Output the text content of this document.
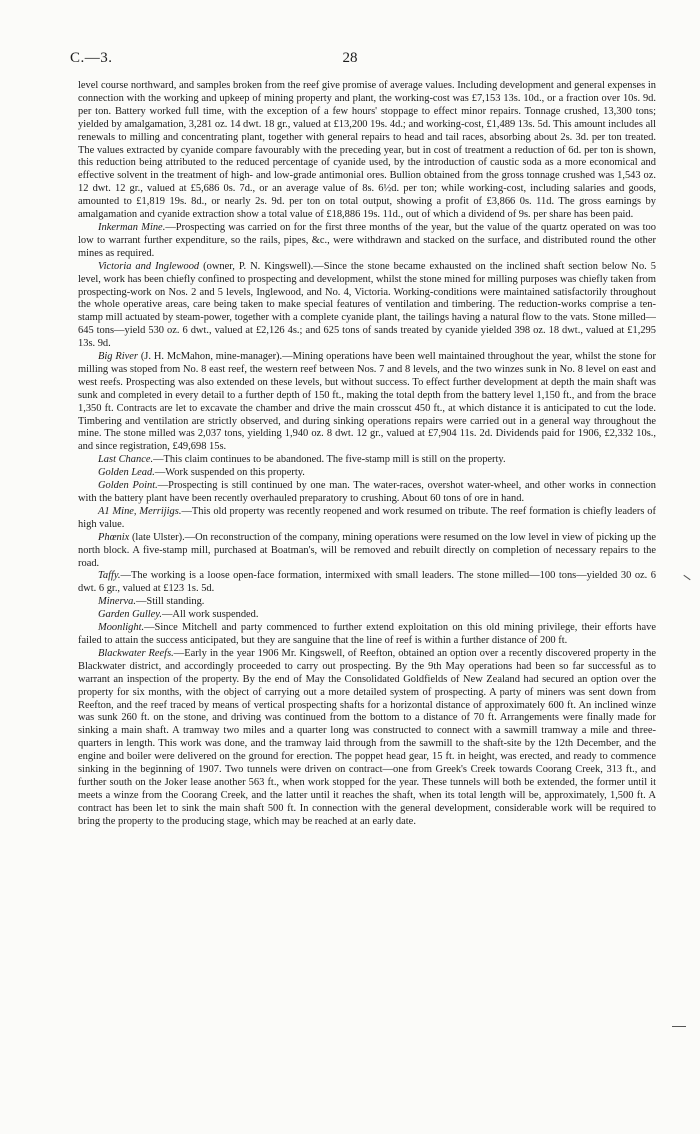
C.—3.	28

level course northward, and samples broken from the reef give promise of average values. Including development and general expenses in connection with the working and upkeep of mining property and plant, the working-cost was £7,153 13s. 10d., or a fraction over 10s. 9d. per ton. Battery worked full time, with the exception of a few hours' stoppage to effect minor repairs. Tonnage crushed, 13,300 tons; yielded by amalgamation, 3,281 oz. 14 dwt. 18 gr., valued at £13,200 19s. 4d.; and working-cost, £1,489 13s. 5d. This amount includes all renewals to milling and concentrating plant, together with general repairs to head and tail races, absorbing about 2s. 3d. per ton treated. The values extracted by cyanide compare favourably with the preceding year, but in cost of treatment a reduction of 6d. per ton is shown, this reduction being attributed to the reduced percentage of cyanide used, by the introduction of caustic soda as a more economical and effective solvent in the treatment of high- and low-grade antimonial ores. Bullion obtained from the gross tonnage crushed was 1,543 oz. 12 dwt. 12 gr., valued at £5,686 0s. 7d., or an average value of 8s. 6½d. per ton; while working-cost, including salaries and goods, amounted to £1,819 19s. 8d., or nearly 2s. 9d. per ton on total output, showing a profit of £3,866 0s. 11d. The gross earnings by amalgamation and cyanide extraction show a total value of £18,886 19s. 11d., out of which a dividend of 9s. per share has been paid.

Inkerman Mine.—Prospecting was carried on for the first three months of the year, but the value of the quartz operated on was too low to warrant further expenditure, so the rails, pipes, &c., were withdrawn and stacked on the surface, and distributed round the other mines as required.

Victoria and Inglewood (owner, P. N. Kingswell).—Since the stone became exhausted on the inclined shaft section below No. 5 level, work has been chiefly confined to prospecting and development, whilst the stone mined for milling purposes was chiefly taken from prospecting-work on Nos. 2 and 5 levels, Inglewood, and No. 4, Victoria. Working-conditions were maintained satisfactorily throughout the whole operative areas, care being taken to make special features of ventilation and timbering. The reduction-works comprise a ten-stamp mill actuated by steam-power, together with a complete cyanide plant, the tailings having a natural flow to the vats. Stone milled—645 tons—yield 530 oz. 6 dwt., valued at £2,126 4s.; and 625 tons of sands treated by cyanide yielded 398 oz. 18 dwt., valued at £1,295 13s. 9d.

Big River (J. H. McMahon, mine-manager).—Mining operations have been well maintained throughout the year, whilst the stone for milling was stoped from No. 8 east reef, the western reef between Nos. 7 and 8 levels, and the two winzes sunk in No. 8 level on east and west reefs. Prospecting was also extended on these levels, but without success. To effect further development at depth the main shaft was sunk and completed in every detail to a further depth of 150 ft., making the total depth from the battery level 1,150 ft., and from the brace 1,350 ft. Contracts are let to excavate the chamber and drive the main crosscut 450 ft., at which distance it is anticipated to cut the lode. Timbering and ventilation are strictly observed, and during sinking operations repairs were carried out in a general way throughout the mine. The stone milled was 2,037 tons, yielding 1,940 oz. 8 dwt. 12 gr., valued at £7,904 11s. 2d. Dividends paid for 1906, £2,332 10s., and since registration, £49,698 15s.

Last Chance.—This claim continues to be abandoned. The five-stamp mill is still on the property.

Golden Lead.—Work suspended on this property.

Golden Point.—Prospecting is still continued by one man. The water-races, overshot water-wheel, and other works in connection with the battery plant have been recently overhauled preparatory to crushing. About 60 tons of ore in hand.

A1 Mine, Merrijigs.—This old property was recently reopened and work resumed on tribute. The reef formation is chiefly leaders of high value.

Phœnix (late Ulster).—On reconstruction of the company, mining operations were resumed on the low level in view of picking up the north block. A five-stamp mill, purchased at Boatman's, will be removed and rebuilt directly on completion of necessary repairs to the road.

Taffy.—The working is a loose open-face formation, intermixed with small leaders. The stone milled—100 tons—yielded 30 oz. 6 dwt. 6 gr., valued at £123 1s. 5d.

Minerva.—Still standing.

Garden Gulley.—All work suspended.

Moonlight.—Since Mitchell and party commenced to further extend exploitation on this old mining privilege, their efforts have failed to attain the success anticipated, but they are sanguine that the line of reef is within a further distance of 200 ft.

Blackwater Reefs.—Early in the year 1906 Mr. Kingswell, of Reefton, obtained an option over a recently discovered property in the Blackwater district, and accordingly proceeded to carry out prospecting. By the 9th May operations had been so far successful as to warrant an inspection of the property. By the end of May the Consolidated Goldfields of New Zealand had secured an option over the property for six months, with the object of carrying out a more detailed system of prospecting. A party of miners was sent down from Reefton, and the reef traced by means of vertical prospecting shafts for a horizontal distance of approximately 600 ft. An inclined winze was sunk 260 ft. on the stone, and driving was continued from the bottom to a distance of 70 ft. Arrangements were finally made for sinking a main shaft. A tramway two miles and a quarter long was constructed to connect with a sawmill tramway a mile and three-quarters in length. This work was done, and the tramway laid through from the sawmill to the shaft-site by the 12th December, and the engine and boiler were delivered on the ground for erection. The poppet head gear, 15 ft. in height, was erected, and ready to commence sinking in the beginning of 1907. Two tunnels were driven on contract—one from Greek's Creek towards Coorang Creek, 313 ft., and further south on the Joker lease another 563 ft., when work stopped for the year. These tunnels will both be extended, the former until it meets a winze from the Coorang Creek, and the latter until it reaches the shaft, when its total length will be, approximately, 1,500 ft. A contract has been let to sink the main shaft 500 ft. In connection with the general development, considerable work will be required to bring the property to the producing stage, which may be reached at an early date.
